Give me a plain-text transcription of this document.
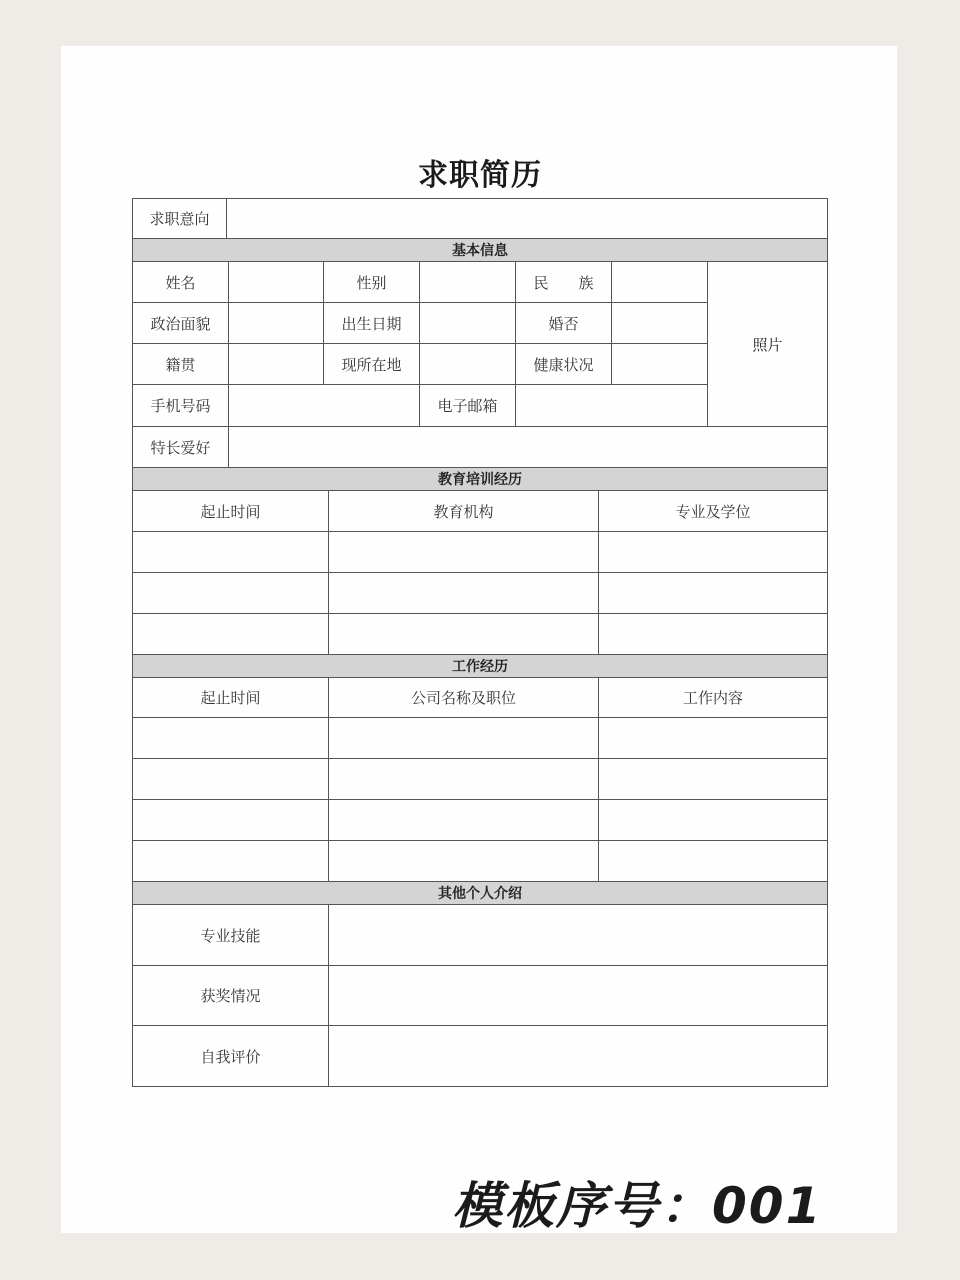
求职简历
求职意向
基本信息
姓名	性别	民　　族
政治面貌	出生日期	婚否
籍贯	现所在地	健康状况
手机号码	电子邮箱
照片
特长爱好
教育培训经历
起止时间	教育机构	专业及学位
工作经历
起止时间	公司名称及职位	工作内容
其他个人介绍
专业技能
获奖情况
自我评价
模板序号：001
